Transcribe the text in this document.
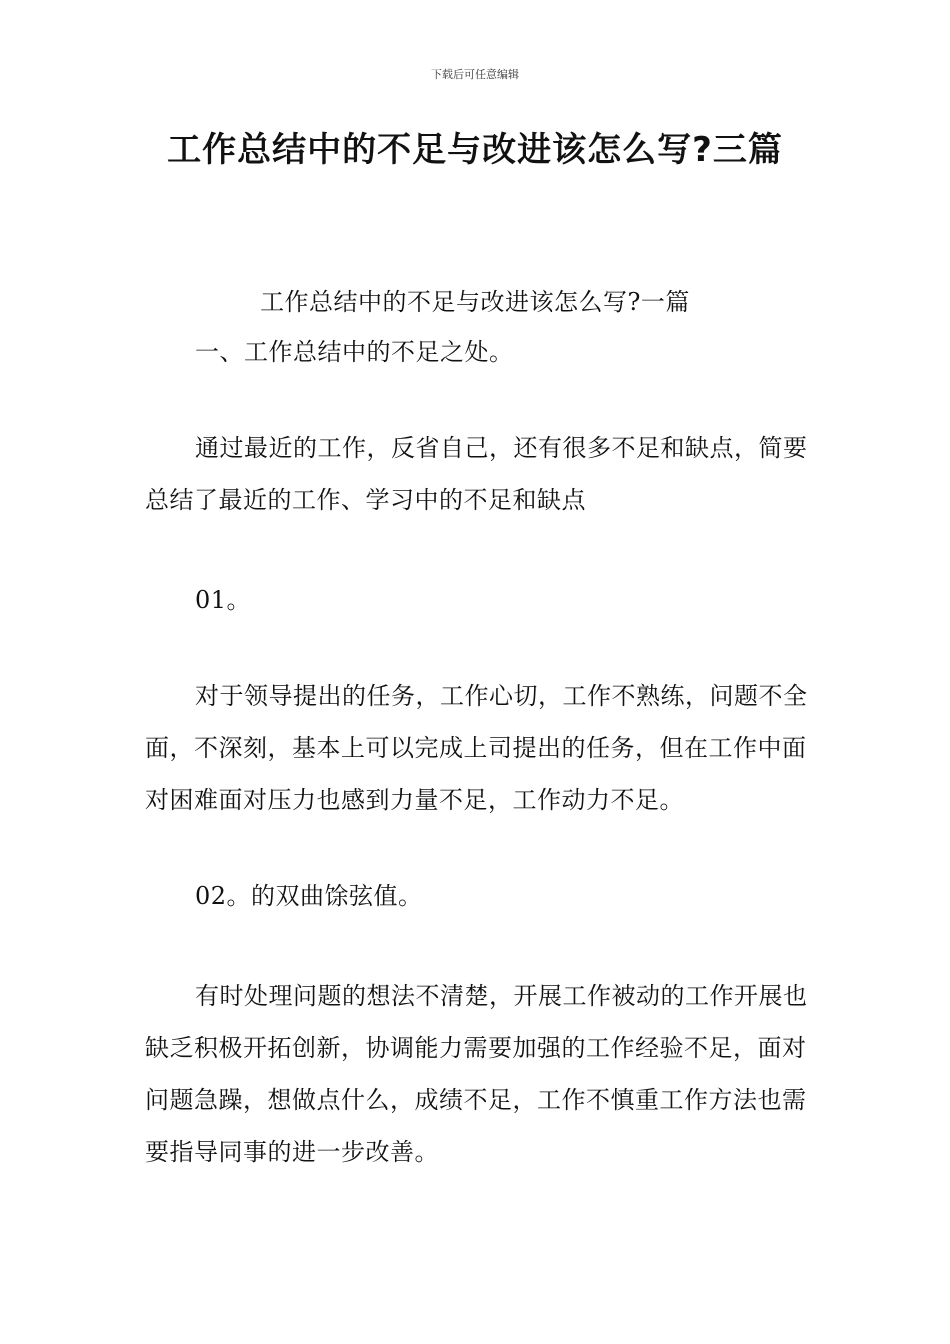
下载后可任意编辑
工作总结中的不足与改进该怎么写?三篇

工作总结中的不足与改进该怎么写?一篇

一、工作总结中的不足之处。

通过最近的工作，反省自己，还有很多不足和缺点，简要总结了最近的工作、学习中的不足和缺点

01。

对于领导提出的任务，工作心切，工作不熟练，问题不全面，不深刻，基本上可以完成上司提出的任务，但在工作中面对困难面对压力也感到力量不足，工作动力不足。

02。的双曲馀弦值。

有时处理问题的想法不清楚，开展工作被动的工作开展也缺乏积极开拓创新，协调能力需要加强的工作经验不足，面对问题急躁，想做点什么，成绩不足，工作不慎重工作方法也需要指导同事的进一步改善。
